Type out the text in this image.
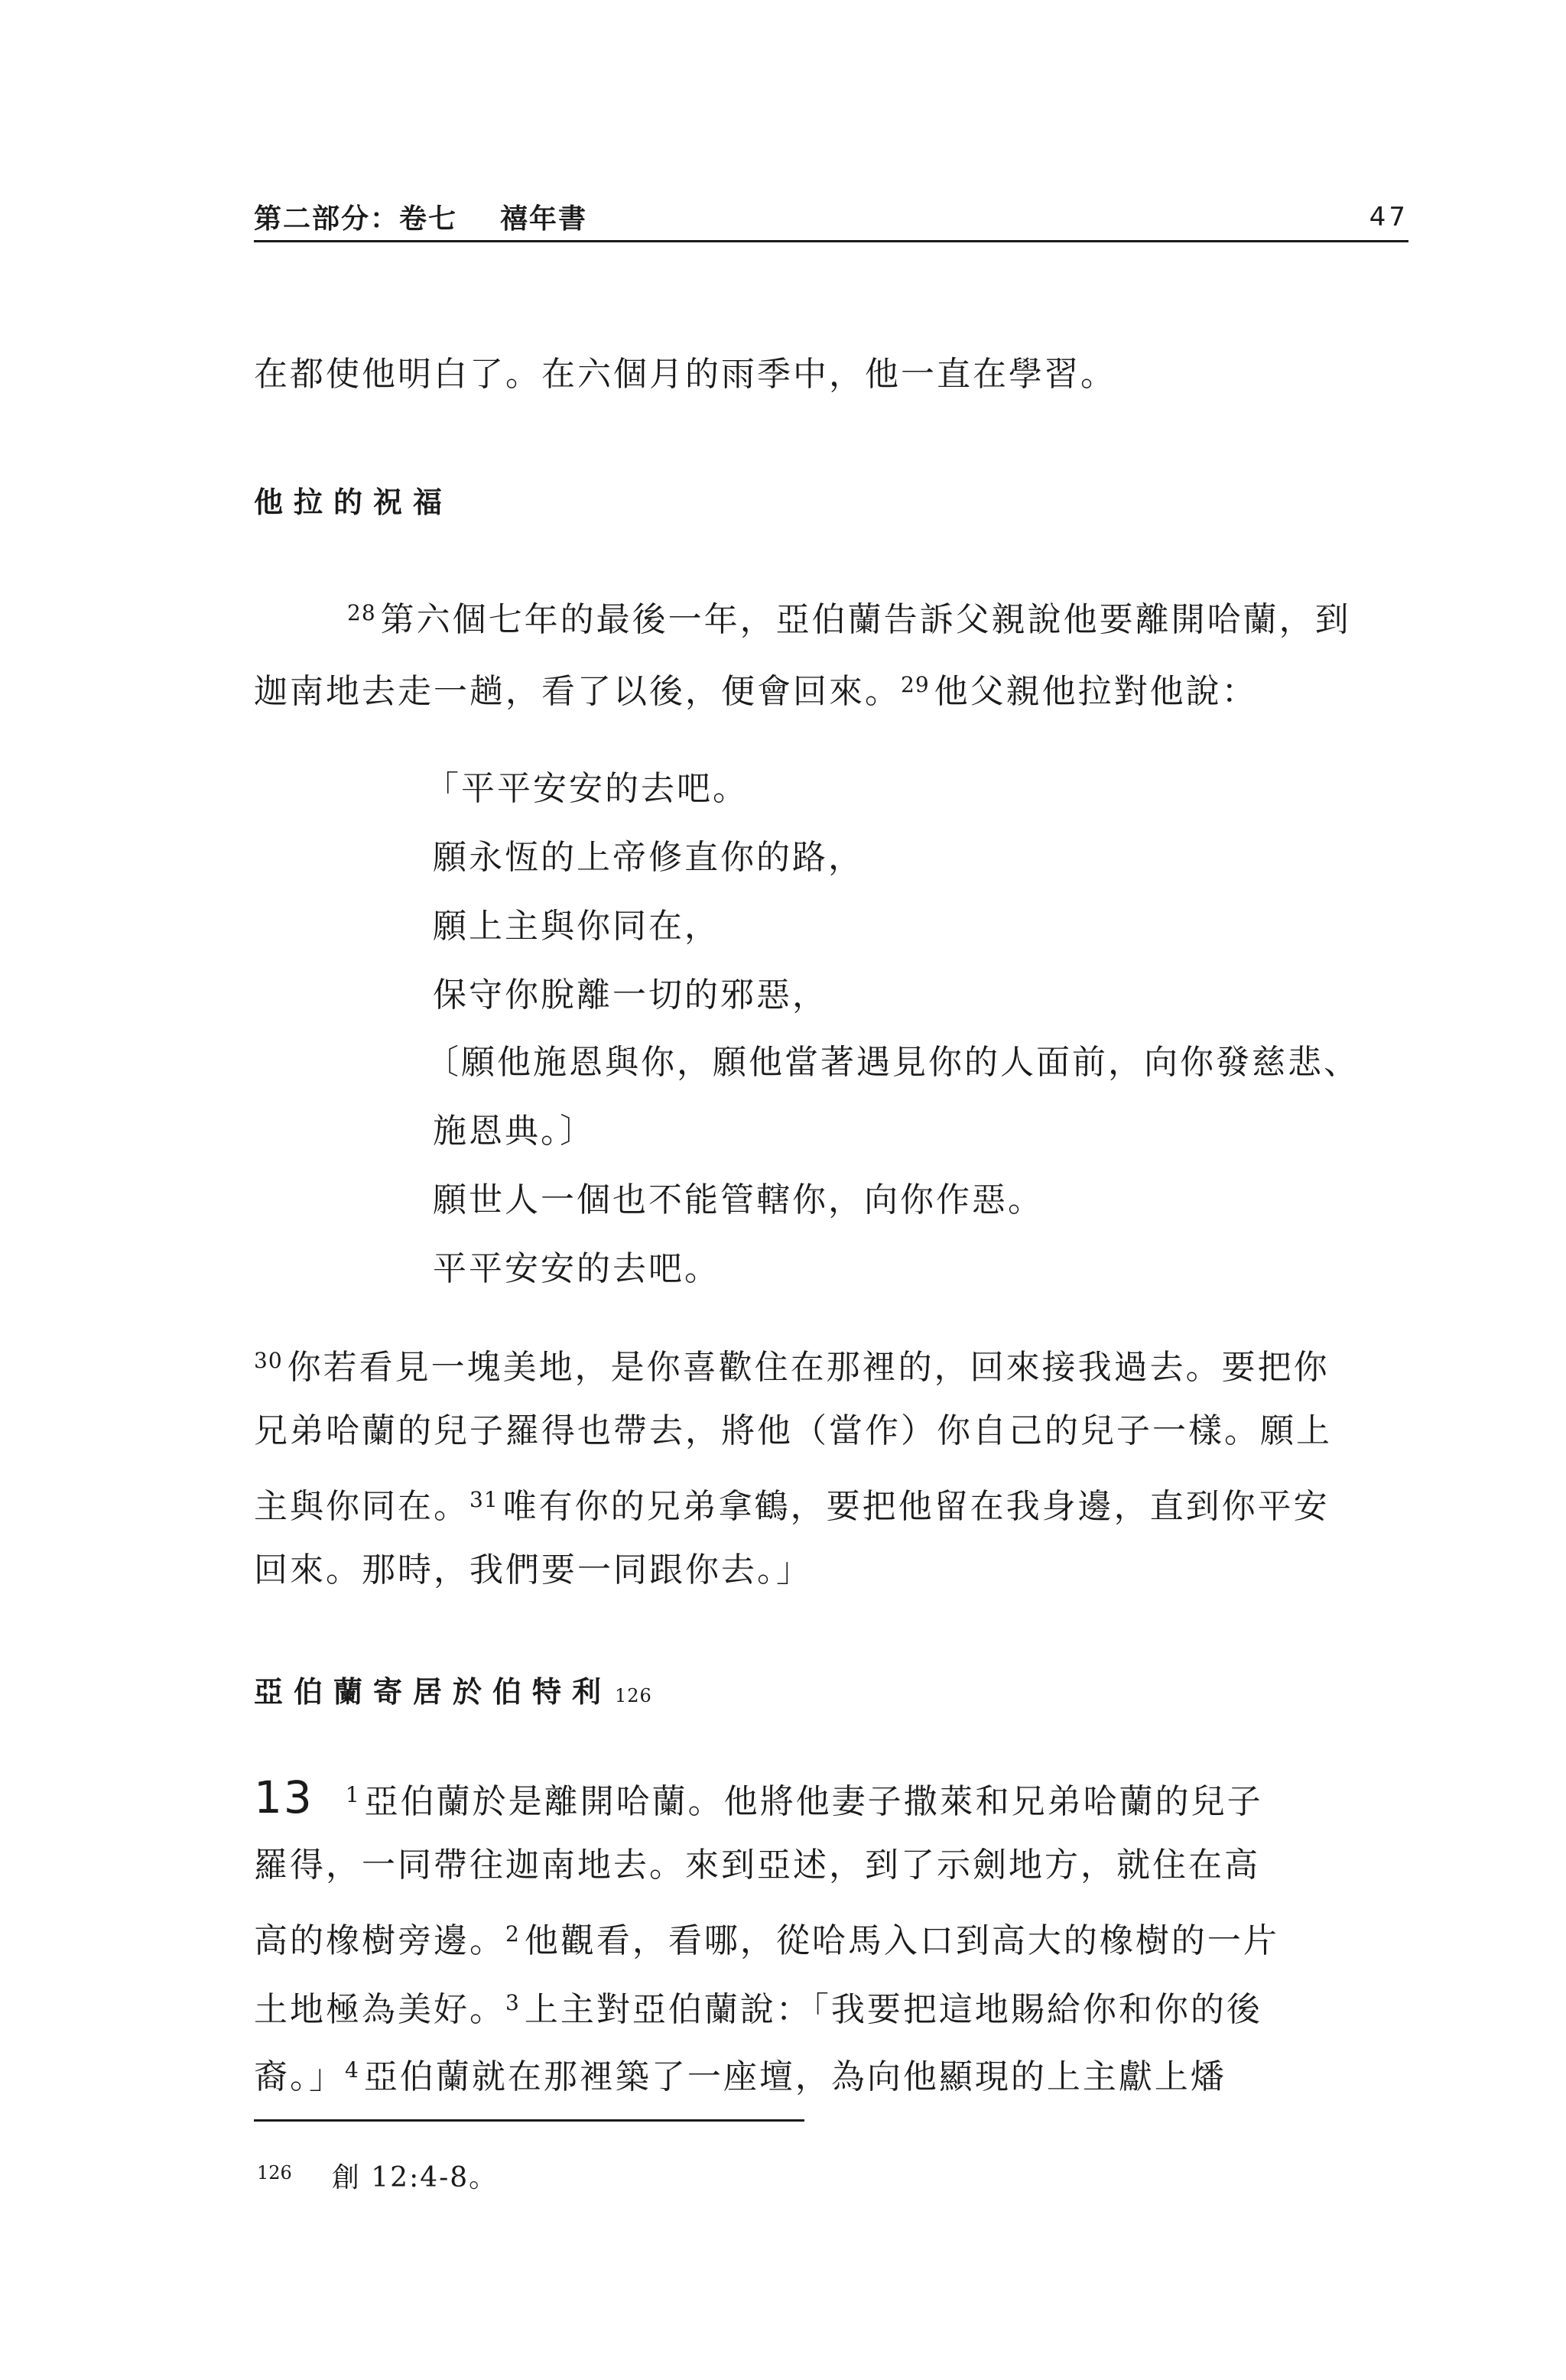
第二部分：卷七 禧年書	47
在都使他明白了。在六個月的雨季中，他一直在學習。
他拉的祝福
$^{28}$ 第六個七年的最後一年，亞伯蘭告訴父親說他要離開哈蘭，到
迦南地去走一趟，看了以後，便會回來。$^{29}$ 他父親他拉對他說：
「平平安安的去吧。
願永恆的上帝修直你的路，
願上主與你同在，
保守你脫離一切的邪惡，
〔願他施恩與你，願他當著遇見你的人面前，向你發慈悲、
施恩典。〕
願世人一個也不能管轄你，向你作惡。
平平安安的去吧。
$^{30}$ 你若看見一塊美地，是你喜歡住在那裡的，回來接我過去。要把你
兄弟哈蘭的兒子羅得也帶去，將他（當作）你自己的兒子一樣。願上
主與你同在。$^{31}$ 唯有你的兄弟拿鶴，要把他留在我身邊，直到你平安
回來。那時，我們要一同跟你去。」
亞伯蘭寄居於伯特利 126
13 $^1$ 亞伯蘭於是離開哈蘭。他將他妻子撒萊和兄弟哈蘭的兒子
羅得，一同帶往迦南地去。來到亞述，到了示劍地方，就住在高
高的橡樹旁邊。$^2$ 他觀看，看哪，從哈馬入口到高大的橡樹的一片
土地極為美好。$^3$ 上主對亞伯蘭說：「我要把這地賜給你和你的後
裔。」$^4$ 亞伯蘭就在那裡築了一座壇，為向他顯現的上主獻上燔
$^{126}$ 創 12:4-8。
